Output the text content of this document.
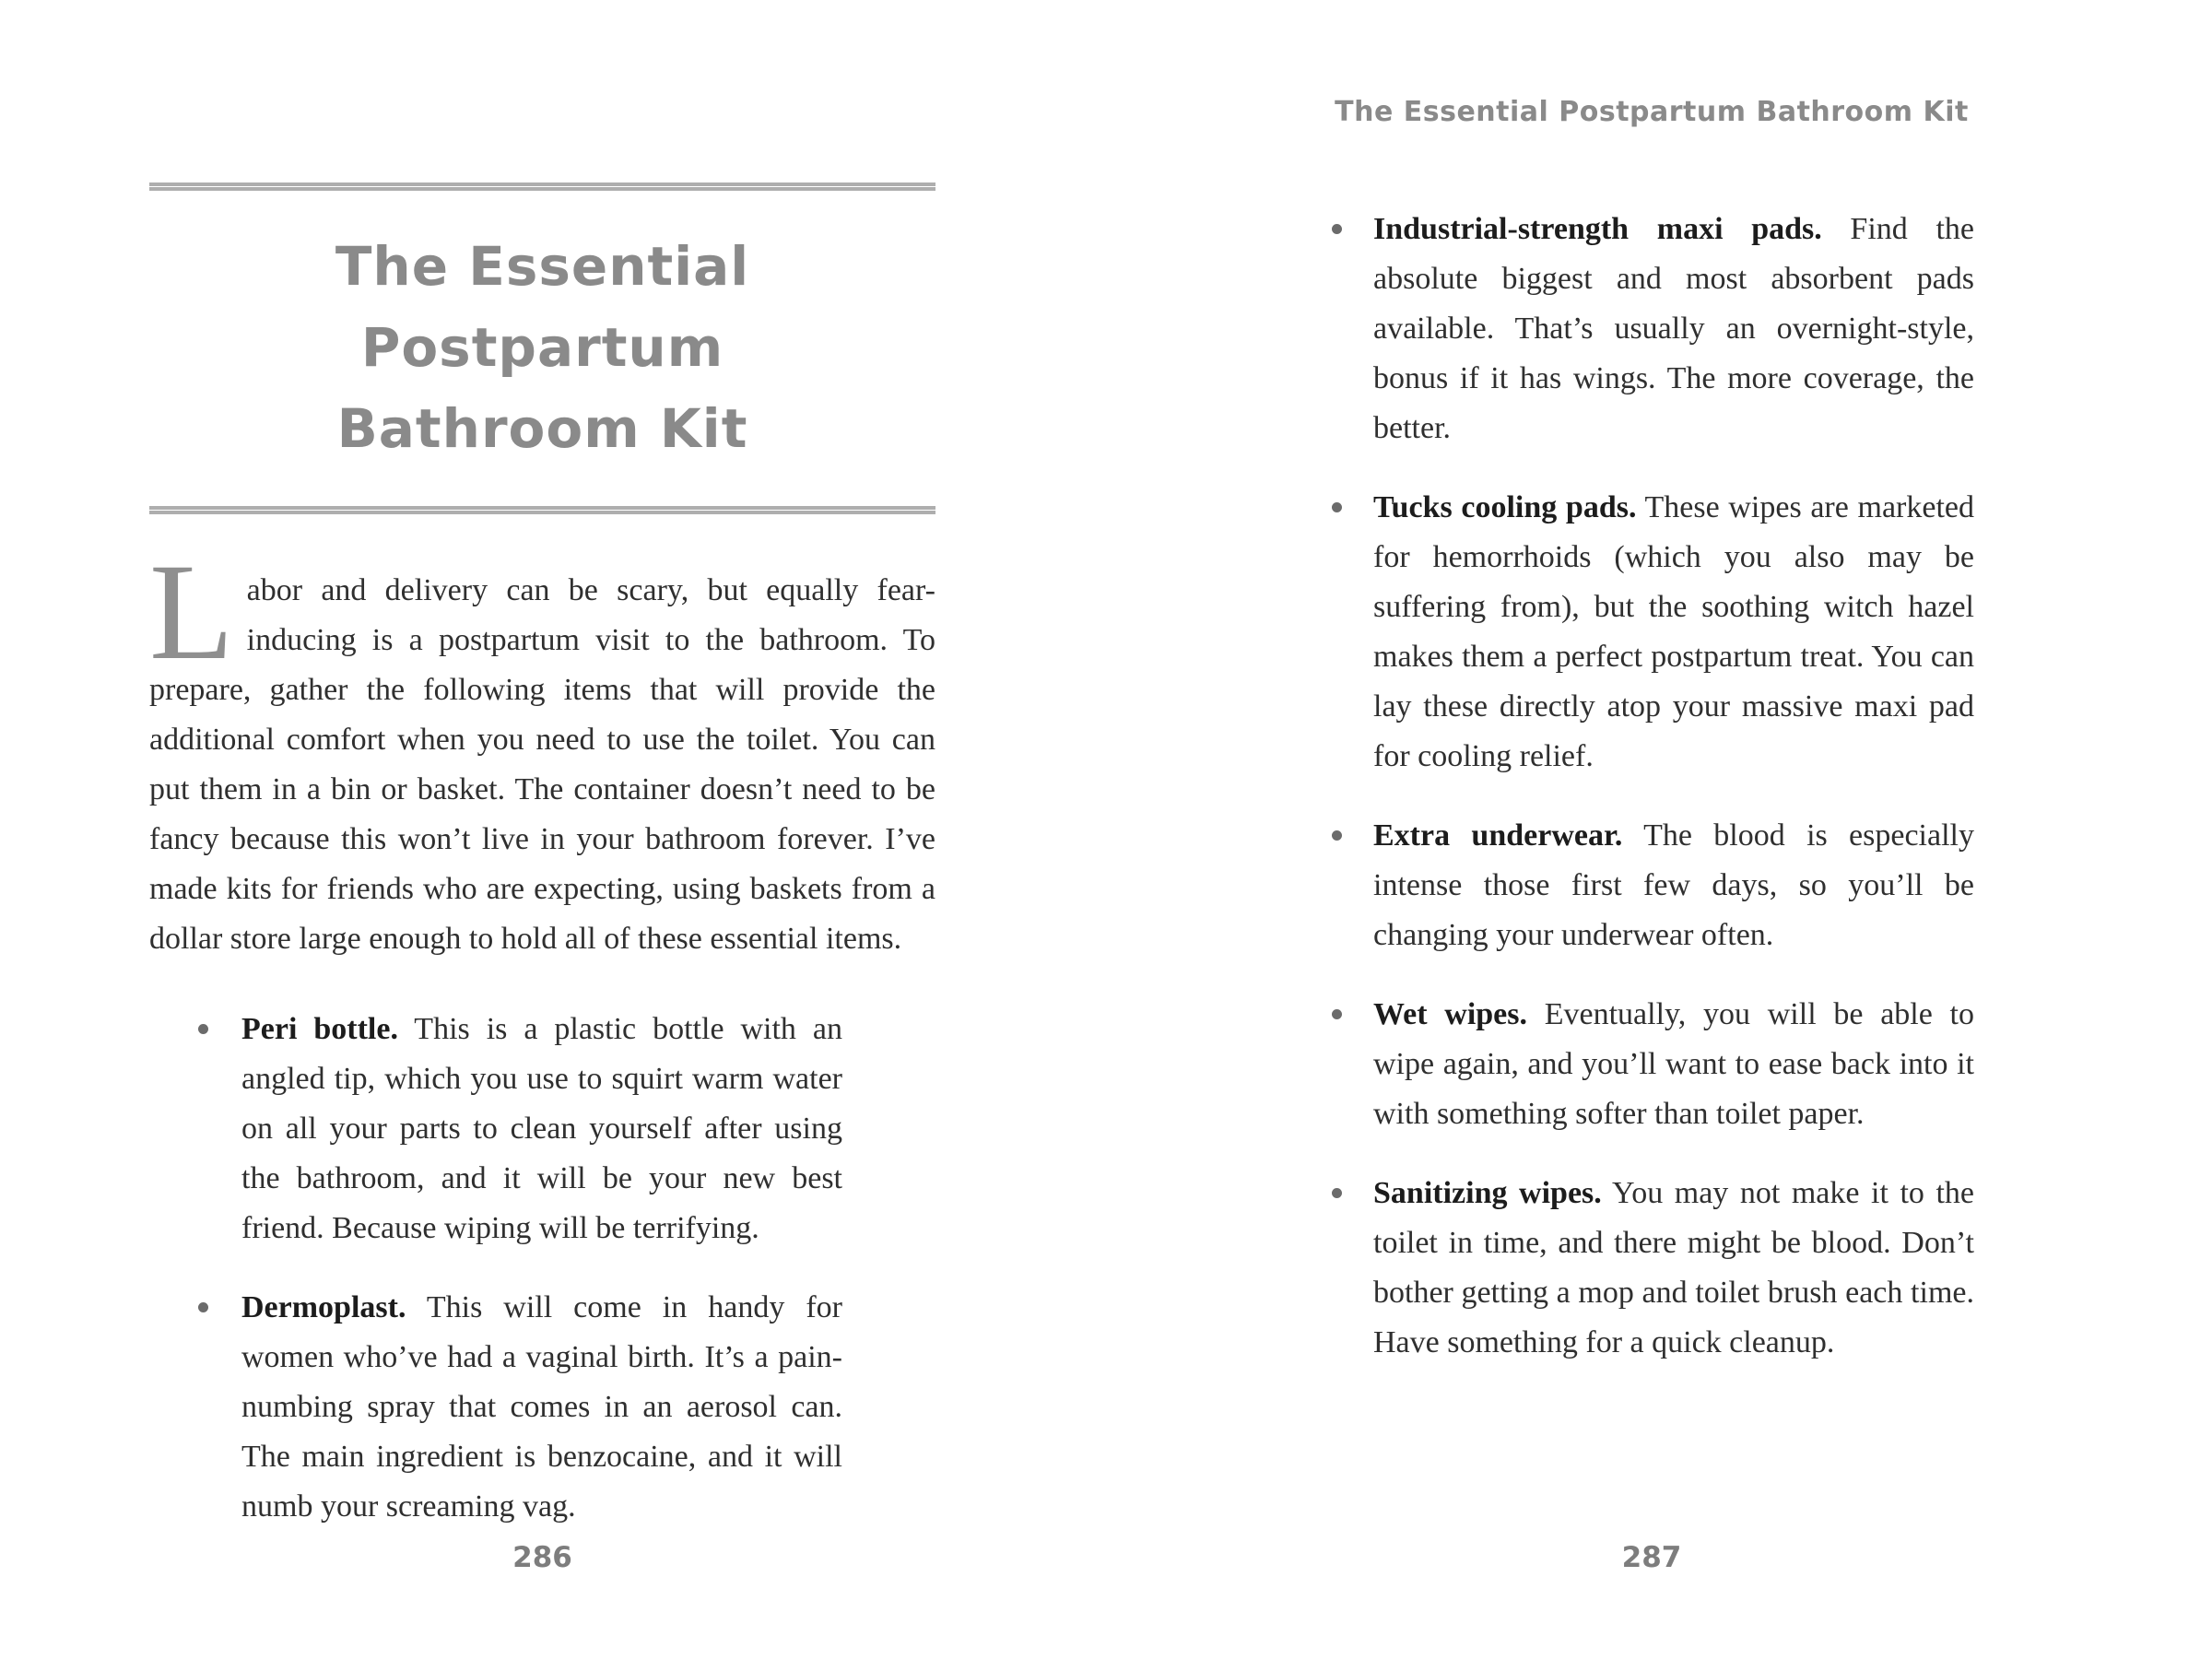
The Essential Postpartum
Bathroom Kit

Labor and delivery can be scary, but equally fear-inducing is a postpartum visit to the bathroom. To prepare, gather the following items that will provide the additional comfort when you need to use the toilet. You can put them in a bin or basket. The container doesn’t need to be fancy because this won’t live in your bathroom forever. I’ve made kits for friends who are expecting, using baskets from a dollar store large enough to hold all of these essential items.

Peri bottle. This is a plastic bottle with an angled tip, which you use to squirt warm water on all your parts to clean yourself after using the bathroom, and it will be your new best friend. Because wiping will be terrifying.
Dermoplast. This will come in handy for women who’ve had a vaginal birth. It’s a pain-numbing spray that comes in an aerosol can. The main ingredient is benzocaine, and it will numb your screaming vag.
286
The Essential Postpartum Bathroom Kit
Industrial-strength maxi pads. Find the absolute biggest and most absorbent pads available. That’s usually an overnight-style, bonus if it has wings. The more coverage, the better.
Tucks cooling pads. These wipes are marketed for hemorrhoids (which you also may be suffering from), but the soothing witch hazel makes them a perfect postpartum treat. You can lay these directly atop your massive maxi pad for cooling relief.
Extra underwear. The blood is especially intense those first few days, so you’ll be changing your underwear often.
Wet wipes. Eventually, you will be able to wipe again, and you’ll want to ease back into it with something softer than toilet paper.
Sanitizing wipes. You may not make it to the toilet in time, and there might be blood. Don’t bother getting a mop and toilet brush each time. Have something for a quick cleanup.
287
